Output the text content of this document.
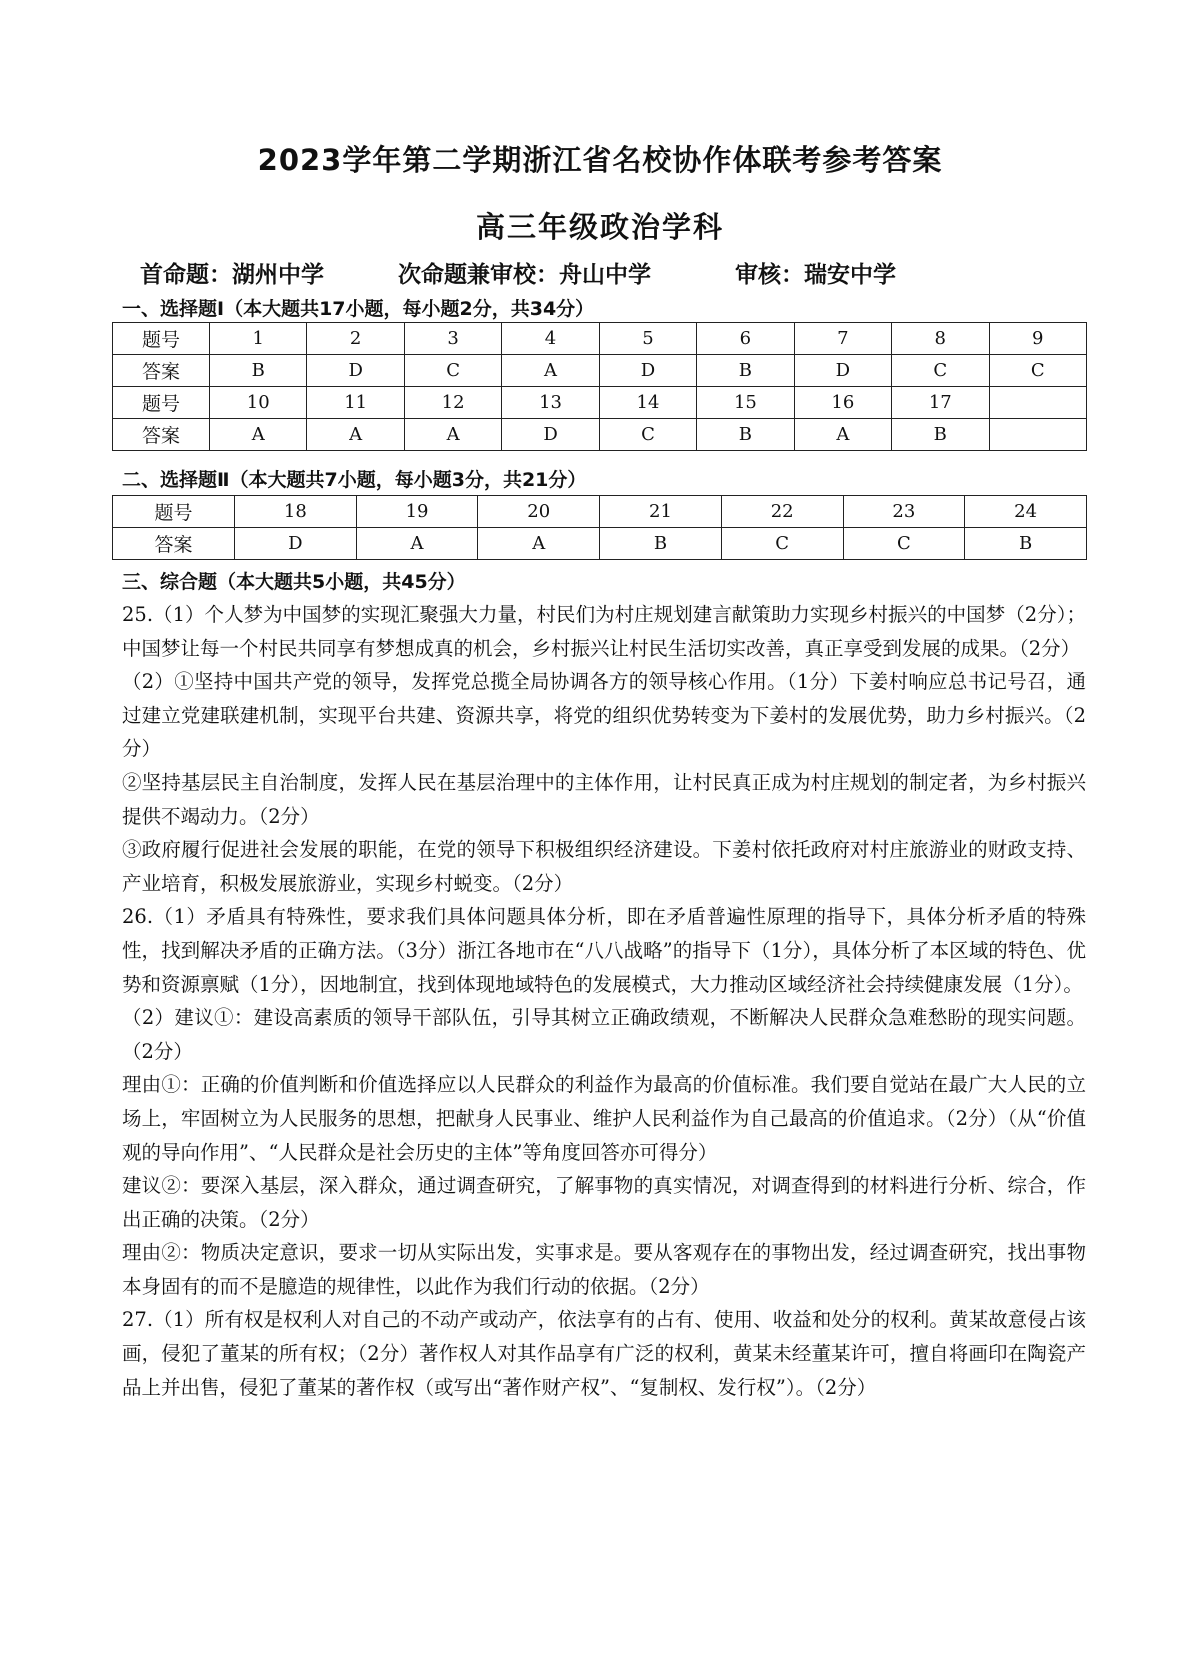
2023学年第二学期浙江省名校协作体联考参考答案
高三年级政治学科
首命题：湖州中学	次命题兼审校：舟山中学	审核：瑞安中学
一、选择题Ⅰ（本大题共17小题，每小题2分，共34分）
题号	1	2	3	4	5	6	7	8	9
答案	B	D	C	A	D	B	D	C	C
题号	10	11	12	13	14	15	16	17	
答案	A	A	A	D	C	B	A	B	
二、选择题Ⅱ（本大题共7小题，每小题3分，共21分）
题号	18	19	20	21	22	23	24
答案	D	A	A	B	C	C	B
三、综合题（本大题共5小题，共45分）

25.（1）个人梦为中国梦的实现汇聚强大力量，村民们为村庄规划建言献策助力实现乡村振兴的中国梦（2分）；中国梦让每一个村民共同享有梦想成真的机会，乡村振兴让村民生活切实改善，真正享受到发展的成果。（2分）

（2）①坚持中国共产党的领导，发挥党总揽全局协调各方的领导核心作用。（1分）下姜村响应总书记号召，通过建立党建联建机制，实现平台共建、资源共享，将党的组织优势转变为下姜村的发展优势，助力乡村振兴。（2分）

②坚持基层民主自治制度，发挥人民在基层治理中的主体作用，让村民真正成为村庄规划的制定者，为乡村振兴提供不竭动力。（2分）

③政府履行促进社会发展的职能，在党的领导下积极组织经济建设。下姜村依托政府对村庄旅游业的财政支持、产业培育，积极发展旅游业，实现乡村蜕变。（2分）

26.（1）矛盾具有特殊性，要求我们具体问题具体分析，即在矛盾普遍性原理的指导下，具体分析矛盾的特殊性，找到解决矛盾的正确方法。（3分）浙江各地市在“八八战略”的指导下（1分），具体分析了本区域的特色、优势和资源禀赋（1分），因地制宜，找到体现地域特色的发展模式，大力推动区域经济社会持续健康发展（1分）。

（2）建议①：建设高素质的领导干部队伍，引导其树立正确政绩观，不断解决人民群众急难愁盼的现实问题。（2分）

理由①：正确的价值判断和价值选择应以人民群众的利益作为最高的价值标准。我们要自觉站在最广大人民的立场上，牢固树立为人民服务的思想，把献身人民事业、维护人民利益作为自己最高的价值追求。（2分）（从“价值观的导向作用”、“人民群众是社会历史的主体”等角度回答亦可得分）

建议②：要深入基层，深入群众，通过调查研究，了解事物的真实情况，对调查得到的材料进行分析、综合，作出正确的决策。（2分）

理由②：物质决定意识，要求一切从实际出发，实事求是。要从客观存在的事物出发，经过调查研究，找出事物本身固有的而不是臆造的规律性，以此作为我们行动的依据。（2分）

27.（1）所有权是权利人对自己的不动产或动产，依法享有的占有、使用、收益和处分的权利。黄某故意侵占该画，侵犯了董某的所有权；（2分）著作权人对其作品享有广泛的权利，黄某未经董某许可，擅自将画印在陶瓷产品上并出售，侵犯了董某的著作权（或写出“著作财产权”、“复制权、发行权”）。（2分）
